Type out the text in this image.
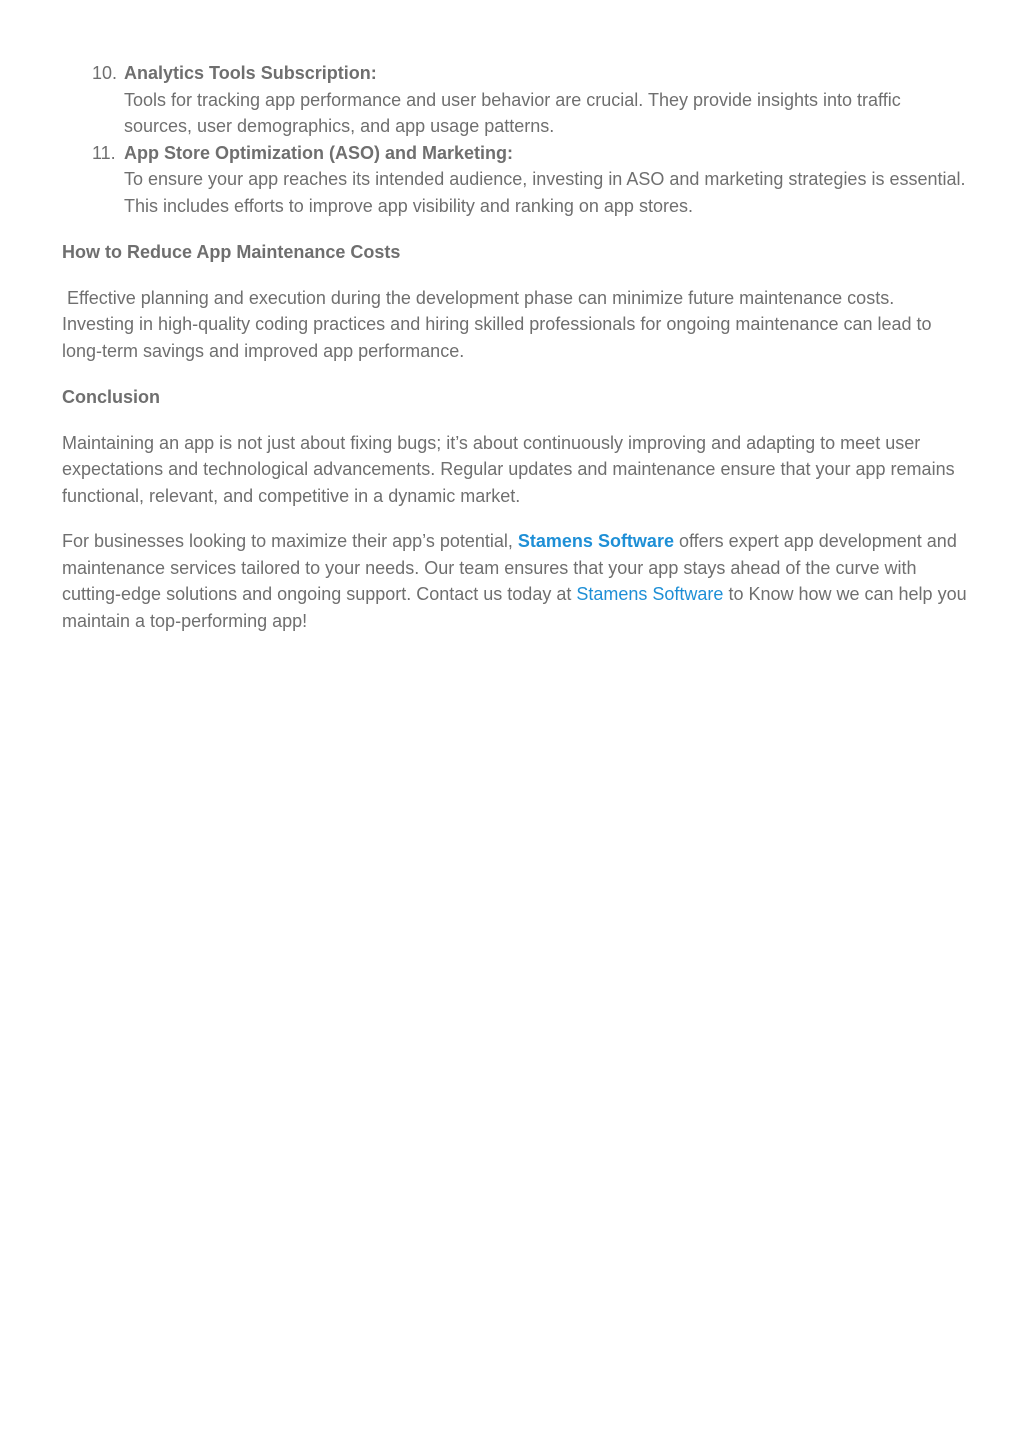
10. Analytics Tools Subscription:
Tools for tracking app performance and user behavior are crucial. They provide insights into traffic sources, user demographics, and app usage patterns.
11. App Store Optimization (ASO) and Marketing:
To ensure your app reaches its intended audience, investing in ASO and marketing strategies is essential. This includes efforts to improve app visibility and ranking on app stores.

How to Reduce App Maintenance Costs

Effective planning and execution during the development phase can minimize future maintenance costs. Investing in high-quality coding practices and hiring skilled professionals for ongoing maintenance can lead to long-term savings and improved app performance.

Conclusion

Maintaining an app is not just about fixing bugs; it’s about continuously improving and adapting to meet user expectations and technological advancements. Regular updates and maintenance ensure that your app remains functional, relevant, and competitive in a dynamic market.

For businesses looking to maximize their app’s potential, Stamens Software offers expert app development and maintenance services tailored to your needs. Our team ensures that your app stays ahead of the curve with cutting-edge solutions and ongoing support. Contact us today at Stamens Software to Know how we can help you maintain a top-performing app!
